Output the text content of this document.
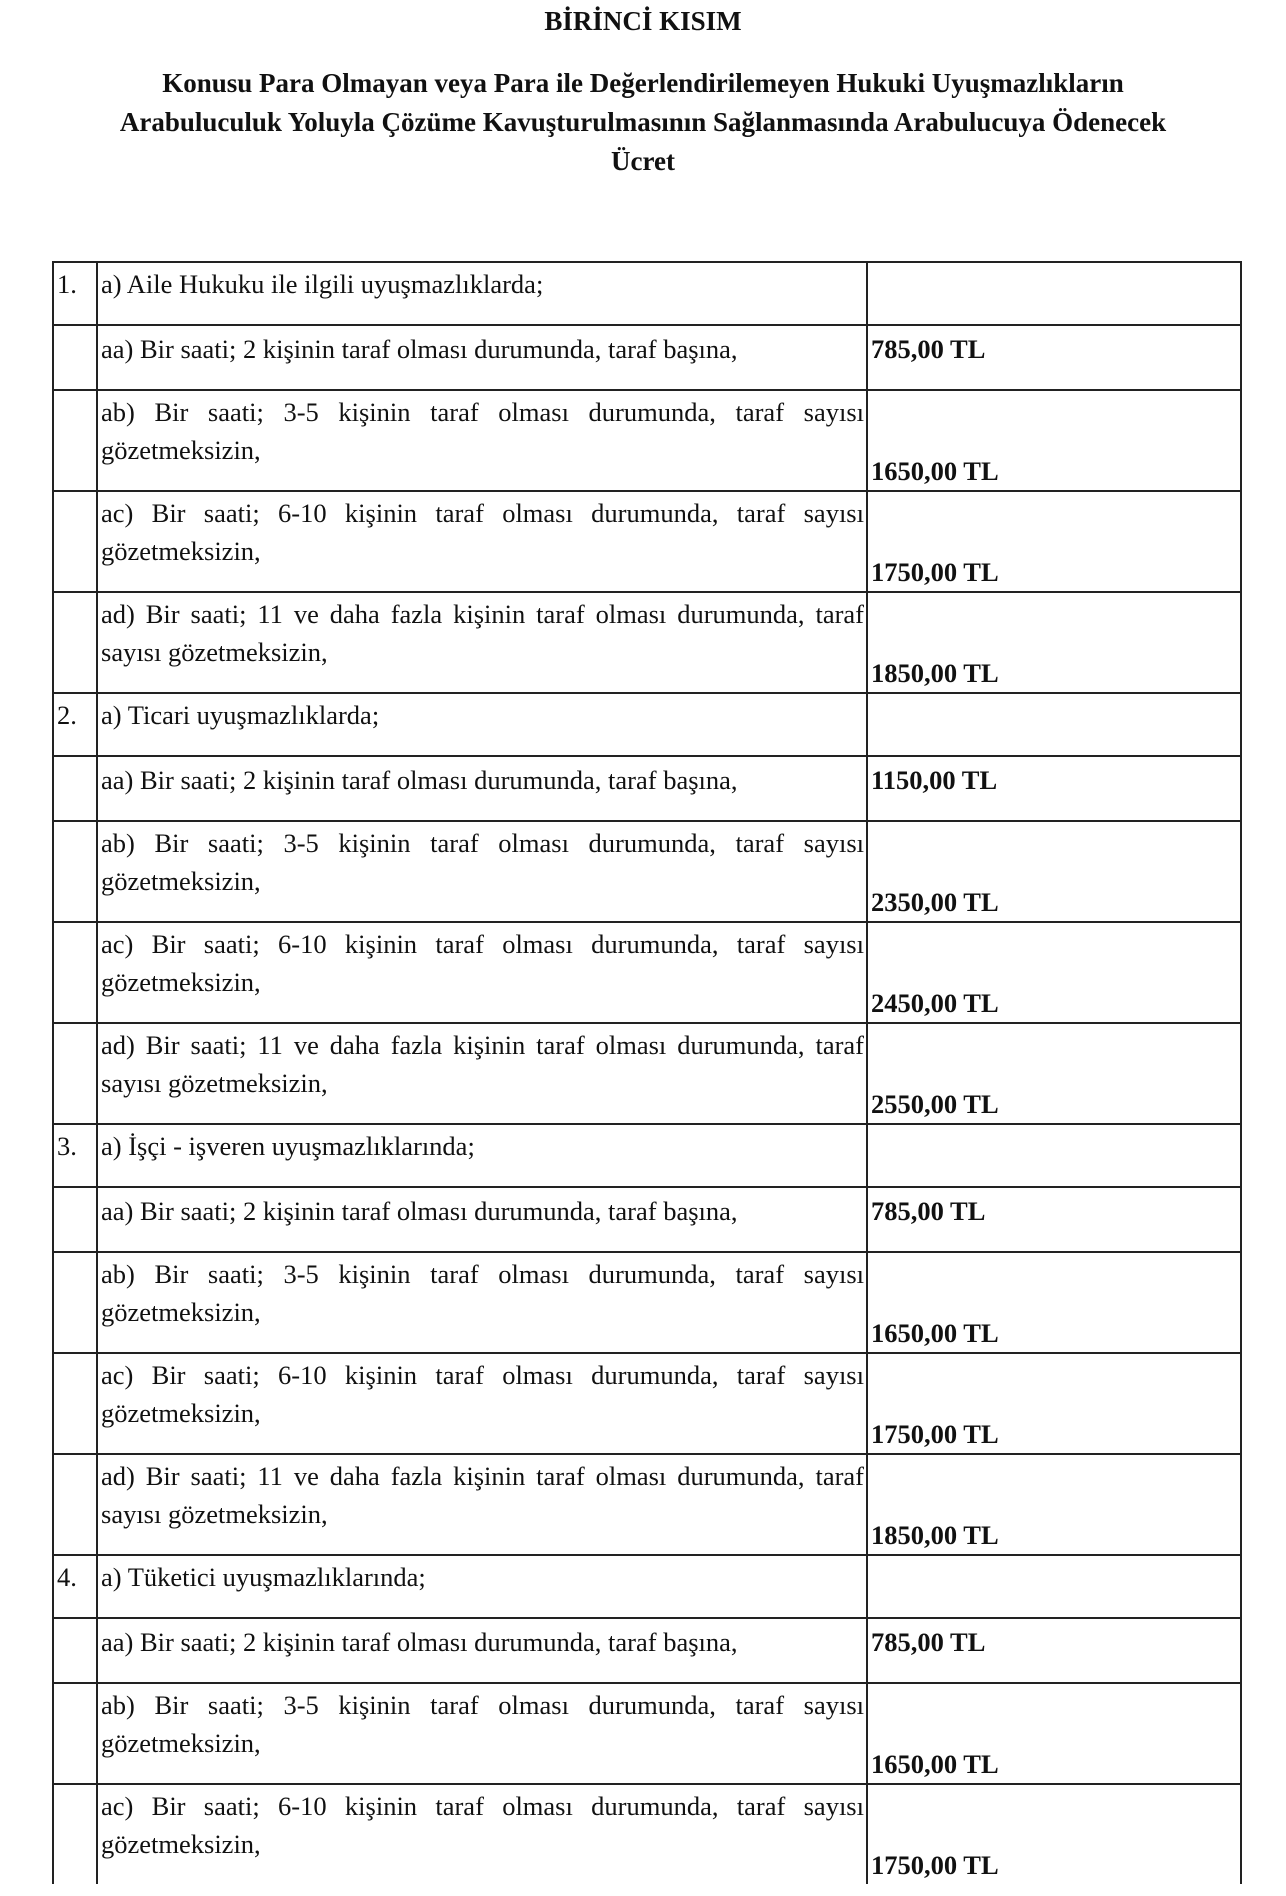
BİRİNCİ KISIM
Konusu Para Olmayan veya Para ile Değerlendirilemeyen Hukuki Uyuşmazlıkların
Arabuluculuk Yoluyla Çözüme Kavuşturulmasının Sağlanmasında Arabulucuya Ödenecek
Ücret
1.	a) Aile Hukuku ile ilgili uyuşmazlıklarda;	
	aa) Bir saati; 2 kişinin taraf olması durumunda, taraf başına,	785,00 TL
	ab) Bir saati; 3-5 kişinin taraf olması durumunda, taraf sayısı gözetmeksizin,	1650,00 TL
	ac) Bir saati; 6-10 kişinin taraf olması durumunda, taraf sayısı gözetmeksizin,	1750,00 TL
	ad) Bir saati; 11 ve daha fazla kişinin taraf olması durumunda, taraf sayısı gözetmeksizin,	1850,00 TL
2.	a) Ticari uyuşmazlıklarda;	
	aa) Bir saati; 2 kişinin taraf olması durumunda, taraf başına,	1150,00 TL
	ab) Bir saati; 3-5 kişinin taraf olması durumunda, taraf sayısı gözetmeksizin,	2350,00 TL
	ac) Bir saati; 6-10 kişinin taraf olması durumunda, taraf sayısı gözetmeksizin,	2450,00 TL
	ad) Bir saati; 11 ve daha fazla kişinin taraf olması durumunda, taraf sayısı gözetmeksizin,	2550,00 TL
3.	a) İşçi - işveren uyuşmazlıklarında;	
	aa) Bir saati; 2 kişinin taraf olması durumunda, taraf başına,	785,00 TL
	ab) Bir saati; 3-5 kişinin taraf olması durumunda, taraf sayısı gözetmeksizin,	1650,00 TL
	ac) Bir saati; 6-10 kişinin taraf olması durumunda, taraf sayısı gözetmeksizin,	1750,00 TL
	ad) Bir saati; 11 ve daha fazla kişinin taraf olması durumunda, taraf sayısı gözetmeksizin,	1850,00 TL
4.	a) Tüketici uyuşmazlıklarında;	
	aa) Bir saati; 2 kişinin taraf olması durumunda, taraf başına,	785,00 TL
	ab) Bir saati; 3-5 kişinin taraf olması durumunda, taraf sayısı gözetmeksizin,	1650,00 TL
	ac) Bir saati; 6-10 kişinin taraf olması durumunda, taraf sayısı gözetmeksizin,	1750,00 TL
